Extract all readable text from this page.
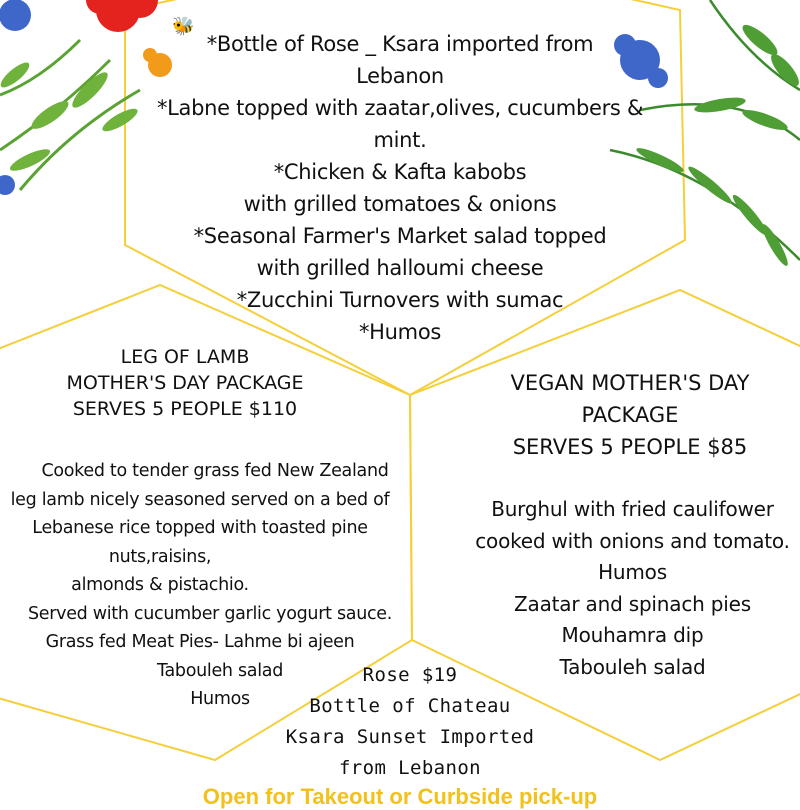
🐝
*Bottle of Rose _ Ksara imported from
Lebanon
*Labne topped with zaatar,olives, cucumbers &
mint.
*Chicken & Kafta kabobs
with grilled tomatoes & onions
*Seasonal Farmer's Market salad topped
with grilled halloumi cheese
*Zucchini Turnovers with sumac
*Humos
LEG OF LAMB
MOTHER'S DAY PACKAGE
SERVES 5 PEOPLE $110
Cooked to tender grass fed New Zealand
leg lamb nicely seasoned served on a bed of
Lebanese rice topped with toasted pine
nuts,raisins,
almonds & pistachio.
Served with cucumber garlic yogurt sauce.
Grass fed Meat Pies- Lahme bi ajeen
Tabouleh salad
Humos
VEGAN MOTHER'S DAY
PACKAGE
SERVES 5 PEOPLE $85
Burghul with fried caulifower
cooked with onions and tomato.
Humos
Zaatar and spinach pies
Mouhamra dip
Tabouleh salad
Rose $19
Bottle of Chateau
Ksara Sunset Imported
from Lebanon
Open for Takeout or Curbside pick-up
